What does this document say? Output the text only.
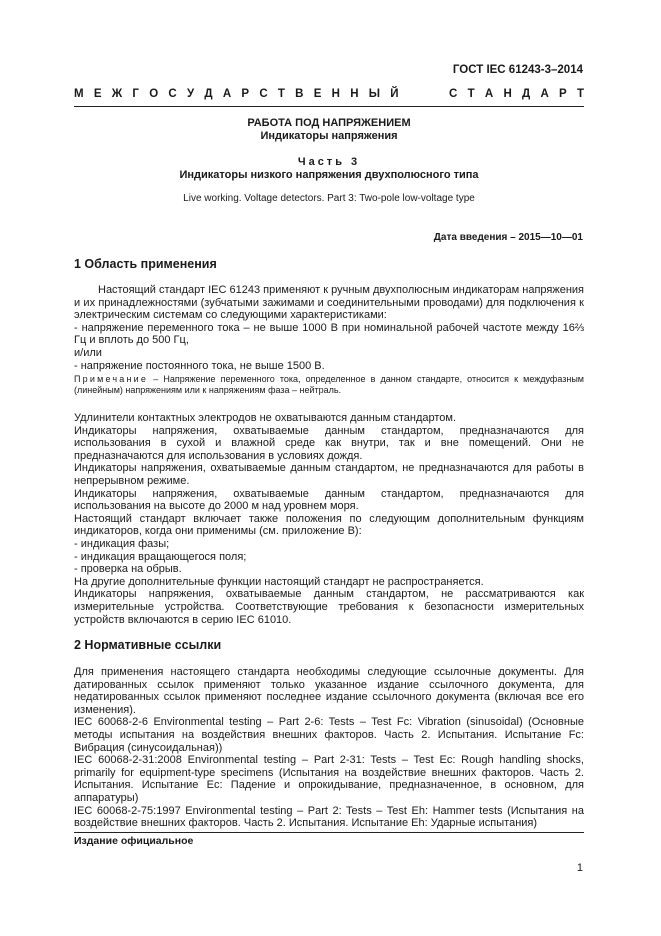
ГОСТ IEC 61243-3–2014
М Е Ж Г О С У Д А Р С Т В Е Н Н Ы Й	С Т А Н Д А Р Т
РАБОТА ПОД НАПРЯЖЕНИЕМ
Индикаторы напряжения
Часть 3
Индикаторы низкого напряжения двухполюсного типа
Live working. Voltage detectors. Part 3: Two-pole low-voltage type
Дата введения – 2015—10—01
1 Область применения

Настоящий стандарт IEC 61243 применяют к ручным двухполюсным индикаторам напряжения и их принадлежностями (зубчатыми зажимами и соединительными проводами) для подключения к электрическим системам со следующими характеристиками:

- напряжение переменного тока – не выше 1000 В при номинальной рабочей частоте между 16⅔ Гц и вплоть до 500 Гц,

и/или

- напряжение постоянного тока, не выше 1500 В.

Примечание – Напряжение переменного тока, определенное в данном стандарте, относится к междуфазным (линейным) напряжениям или к напряжениям фаза – нейтраль.

Удлинители контактных электродов не охватываются данным стандартом.

Индикаторы напряжения, охватываемые данным стандартом, предназначаются для использования в сухой и влажной среде как внутри, так и вне помещений. Они не предназначаются для использования в условиях дождя.

Индикаторы напряжения, охватываемые данным стандартом, не предназначаются для работы в непрерывном режиме.

Индикаторы напряжения, охватываемые данным стандартом, предназначаются для использования на высоте до 2000 м над уровнем моря.

Настоящий стандарт включает также положения по следующим дополнительным функциям индикаторов, когда они применимы (см. приложение B):

- индикация фазы;

- индикация вращающегося поля;

- проверка на обрыв.

На другие дополнительные функции настоящий стандарт не распространяется.

Индикаторы напряжения, охватываемые данным стандартом, не рассматриваются как измерительные устройства. Соответствующие требования к безопасности измерительных устройств включаются в серию IEC 61010.

2 Нормативные ссылки

Для применения настоящего стандарта необходимы следующие ссылочные документы. Для датированных ссылок применяют только указанное издание ссылочного документа, для недатированных ссылок применяют последнее издание ссылочного документа (включая все его изменения).

IEC 60068-2-6 Environmental testing – Part 2-6: Tests – Test Fc: Vibration (sinusoidal) (Основные методы испытания на воздействия внешних факторов. Часть 2. Испытания. Испытание Fc: Вибрация (синусоидальная))

IEC 60068-2-31:2008 Environmental testing – Part 2-31: Tests – Test Ec: Rough handling shocks, primarily for equipment-type specimens (Испытания на воздействие внешних факторов. Часть 2. Испытания. Испытание Ec: Падение и опрокидывание, предназначенное, в основном, для аппаратуры)

IEC 60068-2-75:1997 Environmental testing – Part 2: Tests – Test Eh: Hammer tests (Испытания на воздействие внешних факторов. Часть 2. Испытания. Испытание Eh: Ударные испытания)

Издание официальное
1
